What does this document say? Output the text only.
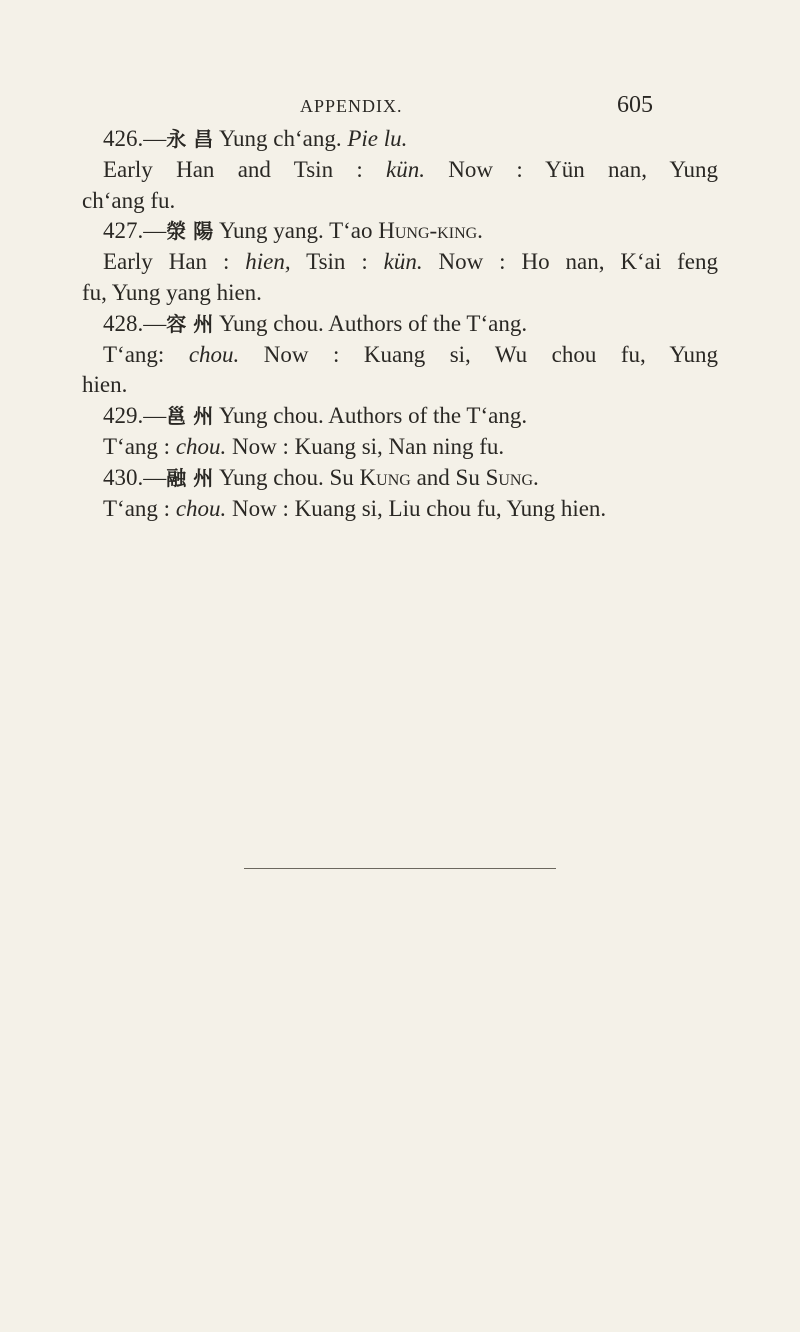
APPENDIX.	605
426.—永 昌 Yung ch‘ang. Pie lu.
Early Han and Tsin : kün. Now : Yün nan, Yung
ch‘ang fu.
427.—滎 陽 Yung yang. T‘ao Hung-king.
Early Han : hien, Tsin : kün. Now : Ho nan, K‘ai feng
fu, Yung yang hien.
428.—容 州 Yung chou. Authors of the T‘ang.
T‘ang: chou. Now : Kuang si, Wu chou fu, Yung
hien.
429.—邕 州 Yung chou. Authors of the T‘ang.
T‘ang : chou. Now : Kuang si, Nan ning fu.
430.—融 州 Yung chou. Su Kung and Su Sung.
T‘ang : chou. Now : Kuang si, Liu chou fu, Yung hien.
